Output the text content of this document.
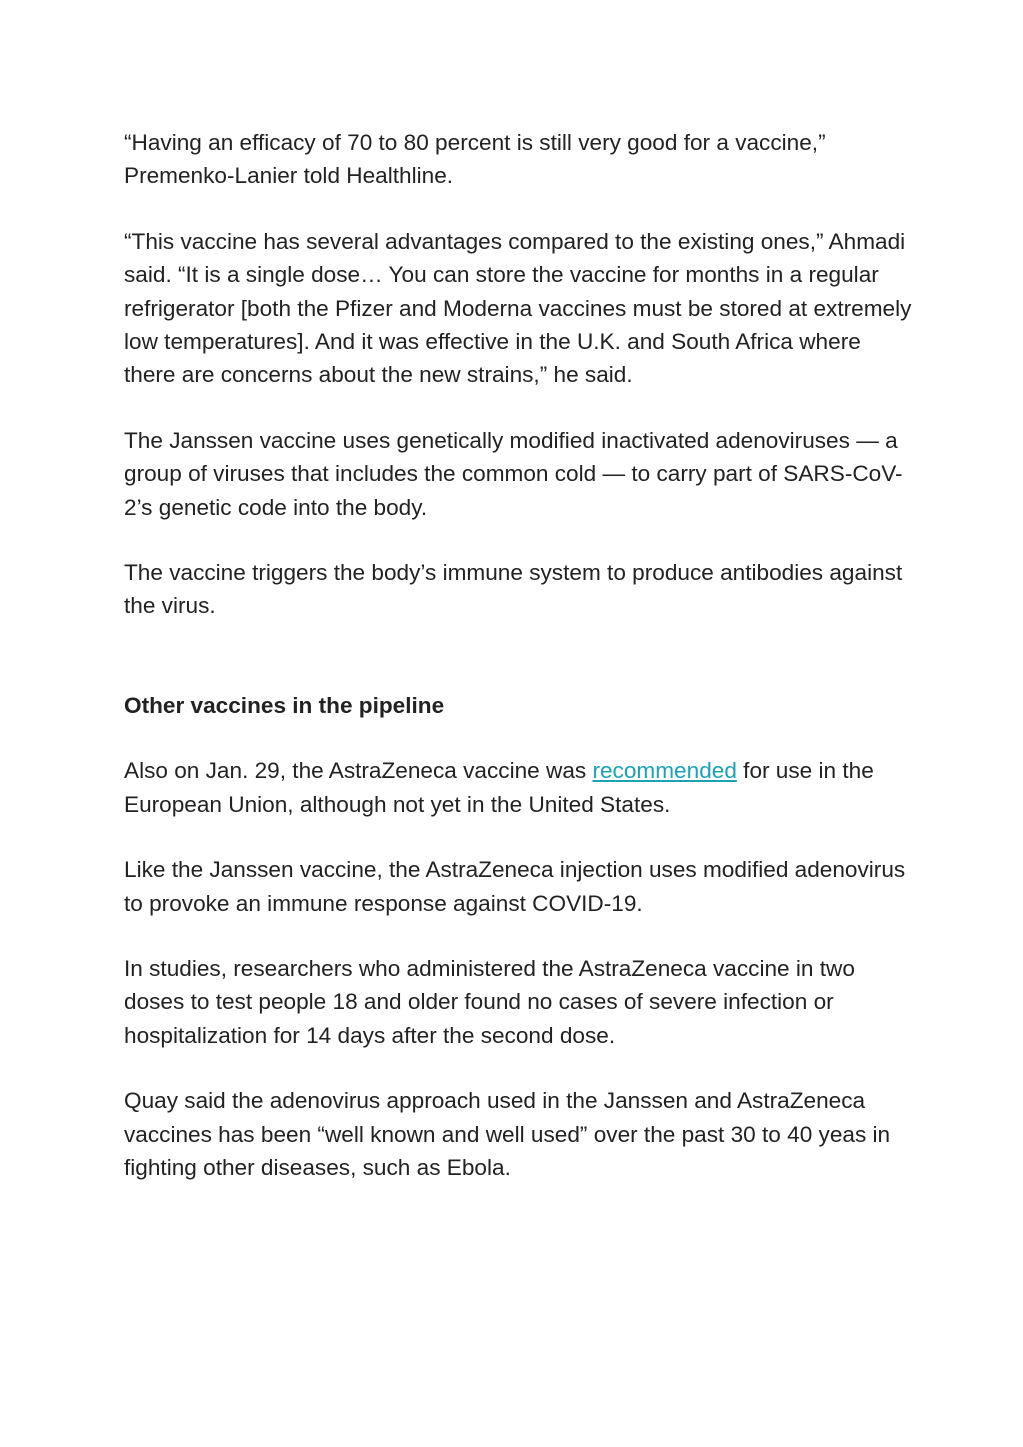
“Having an efficacy of 70 to 80 percent is still very good for a vaccine,” Premenko-Lanier told Healthline.

“This vaccine has several advantages compared to the existing ones,” Ahmadi said. “It is a single dose… You can store the vaccine for months in a regular refrigerator [both the Pfizer and Moderna vaccines must be stored at extremely low temperatures]. And it was effective in the U.K. and South Africa where there are concerns about the new strains,” he said.

The Janssen vaccine uses genetically modified inactivated adenoviruses — a group of viruses that includes the common cold — to carry part of SARS-CoV-2’s genetic code into the body.

The vaccine triggers the body’s immune system to produce antibodies against the virus.

Other vaccines in the pipeline

Also on Jan. 29, the AstraZeneca vaccine was recommended for use in the European Union, although not yet in the United States.

Like the Janssen vaccine, the AstraZeneca injection uses modified adenovirus to provoke an immune response against COVID-19.

In studies, researchers who administered the AstraZeneca vaccine in two doses to test people 18 and older found no cases of severe infection or hospitalization for 14 days after the second dose.

Quay said the adenovirus approach used in the Janssen and AstraZeneca vaccines has been “well known and well used” over the past 30 to 40 yeas in fighting other diseases, such as Ebola.
